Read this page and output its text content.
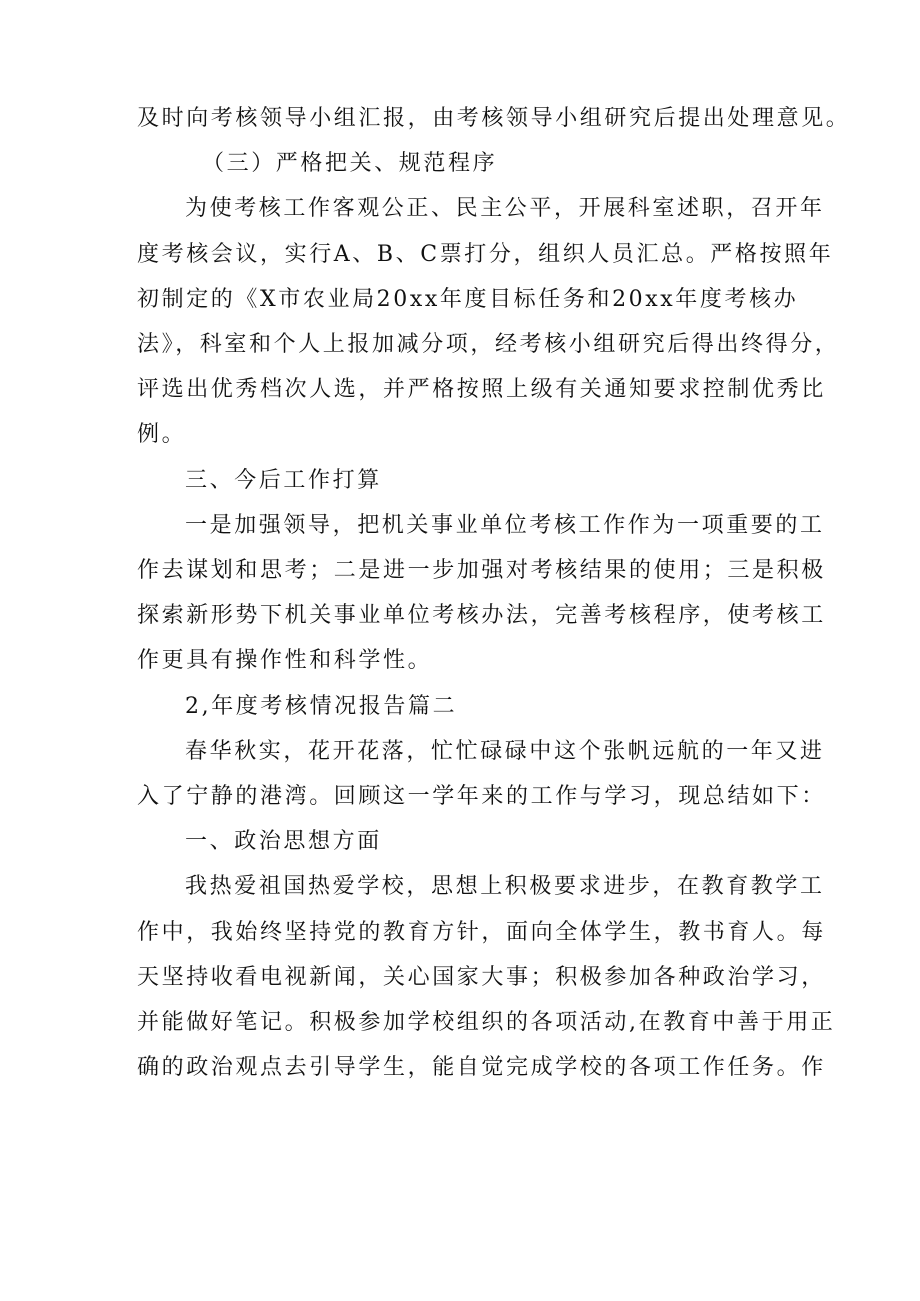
及时向考核领导小组汇报，由考核领导小组研究后提出处理意见。

（三）严格把关、规范程序

为使考核工作客观公正、民主公平，开展科室述职，召开年

度考核会议，实行A、B、C票打分，组织人员汇总。严格按照年

初制定的《X市农业局20xx年度目标任务和20xx年度考核办

法》，科室和个人上报加减分项，经考核小组研究后得出终得分，

评选出优秀档次人选，并严格按照上级有关通知要求控制优秀比

例。

三、今后工作打算

一是加强领导，把机关事业单位考核工作作为一项重要的工

作去谋划和思考；二是进一步加强对考核结果的使用；三是积极

探索新形势下机关事业单位考核办法，完善考核程序，使考核工

作更具有操作性和科学性。

2,年度考核情况报告篇二

春华秋实，花开花落，忙忙碌碌中这个张帆远航的一年又进

入了宁静的港湾。回顾这一学年来的工作与学习，现总结如下：

一、政治思想方面

我热爱祖国热爱学校，思想上积极要求进步，在教育教学工

作中，我始终坚持党的教育方针，面向全体学生，教书育人。每

天坚持收看电视新闻，关心国家大事；积极参加各种政治学习，

并能做好笔记。积极参加学校组织的各项活动,在教育中善于用正

确的政治观点去引导学生，能自觉完成学校的各项工作任务。作
